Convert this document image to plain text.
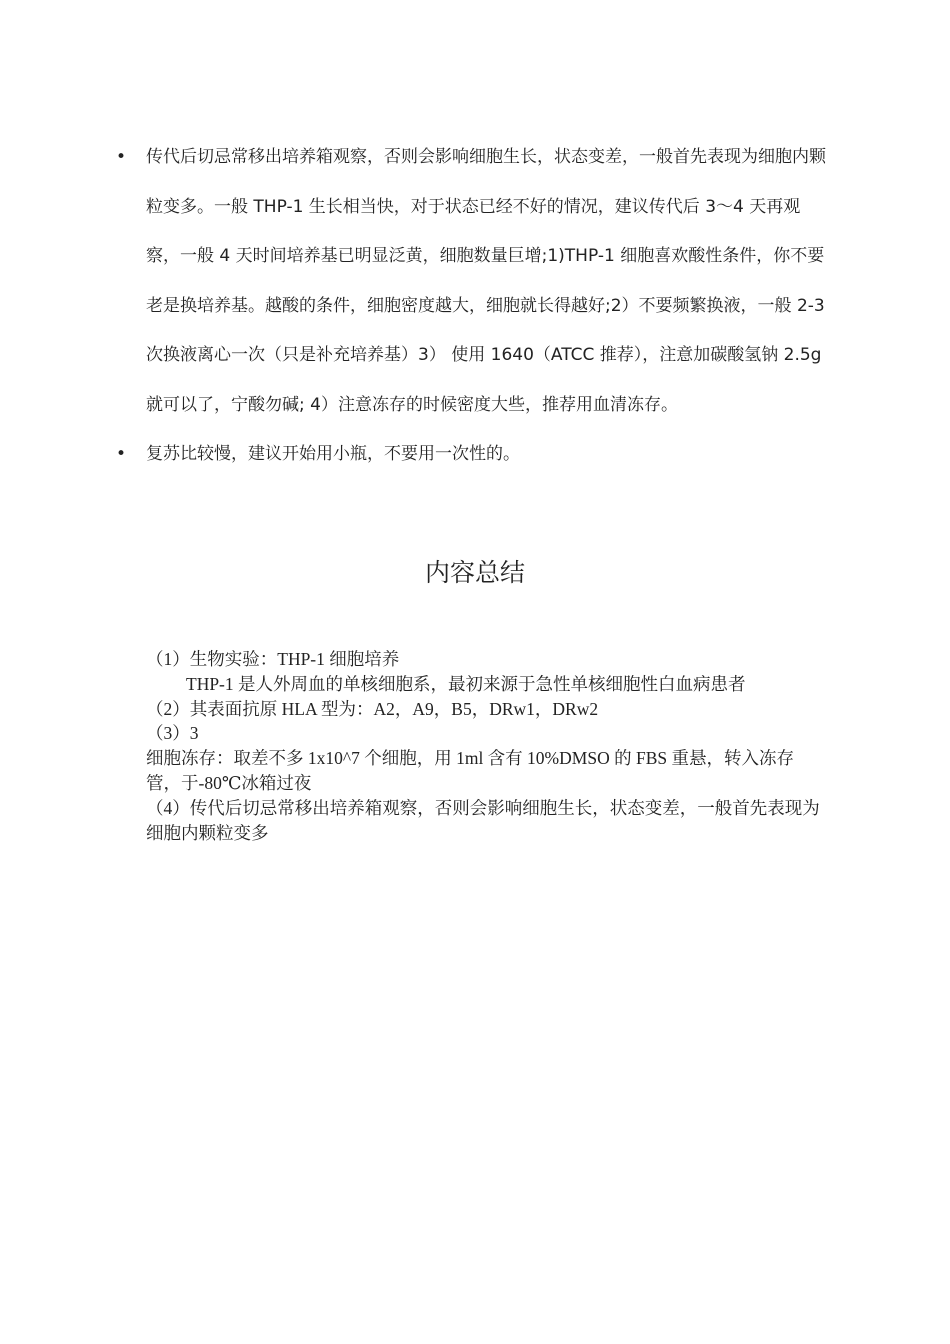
• 传代后切忌常移出培养箱观察，否则会影响细胞生长，状态变差，一般首先表现为细胞内颗粒变多。一般 THP-1 生长相当快，对于状态已经不好的情况，建议传代后 3～4 天再观察，一般 4 天时间培养基已明显泛黄，细胞数量巨增;1)THP-1 细胞喜欢酸性条件，你不要老是换培养基。越酸的条件，细胞密度越大，细胞就长得越好;2）不要频繁换液，一般 2-3 次换液离心一次（只是补充培养基）3） 使用 1640（ATCC 推荐），注意加碳酸氢钠 2.5g 就可以了，宁酸勿碱; 4）注意冻存的时候密度大些，推荐用血清冻存。
• 复苏比较慢，建议开始用小瓶，不要用一次性的。
内容总结

（1）生物实验：THP-1 细胞培养

THP-1 是人外周血的单核细胞系，最初来源于急性单核细胞性白血病患者

（2）其表面抗原 HLA 型为：A2，A9，B5，DRw1，DRw2

（3）3

细胞冻存：取差不多 1x10^7 个细胞，用 1ml 含有 10%DMSO 的 FBS 重悬，转入冻存管，于-80℃冰箱过夜

（4）传代后切忌常移出培养箱观察，否则会影响细胞生长，状态变差，一般首先表现为细胞内颗粒变多
